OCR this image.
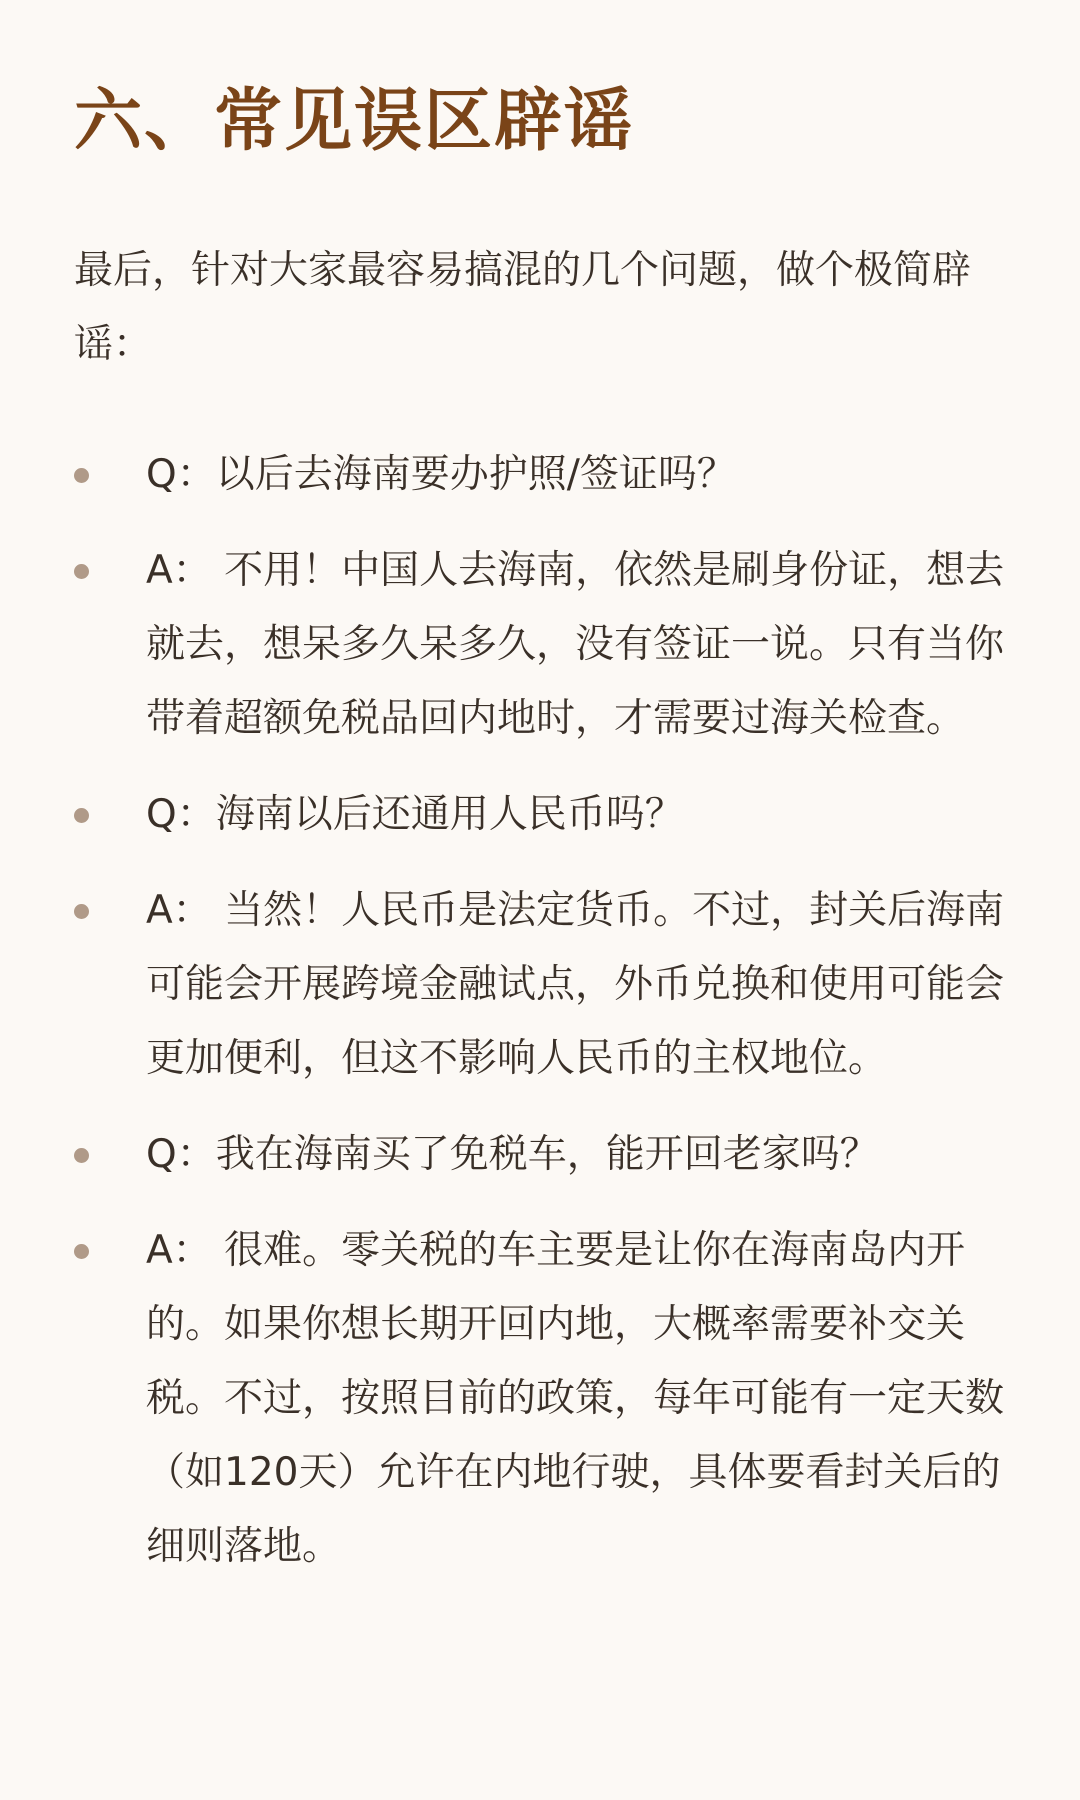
六、常见误区辟谣

最后，针对大家最容易搞混的几个问题，做个极简辟谣：

Q：以后去海南要办护照/签证吗？
A： 不用！中国人去海南，依然是刷身份证，想去就去，想呆多久呆多久，没有签证一说。只有当你带着超额免税品回内地时，才需要过海关检查。
Q：海南以后还通用人民币吗？
A： 当然！人民币是法定货币。不过，封关后海南可能会开展跨境金融试点，外币兑换和使用可能会更加便利，但这不影响人民币的主权地位。
Q：我在海南买了免税车，能开回老家吗？
A： 很难。零关税的车主要是让你在海南岛内开的。如果你想长期开回内地，大概率需要补交关税。不过，按照目前的政策，每年可能有一定天数（如120天）允许在内地行驶，具体要看封关后的细则落地。
